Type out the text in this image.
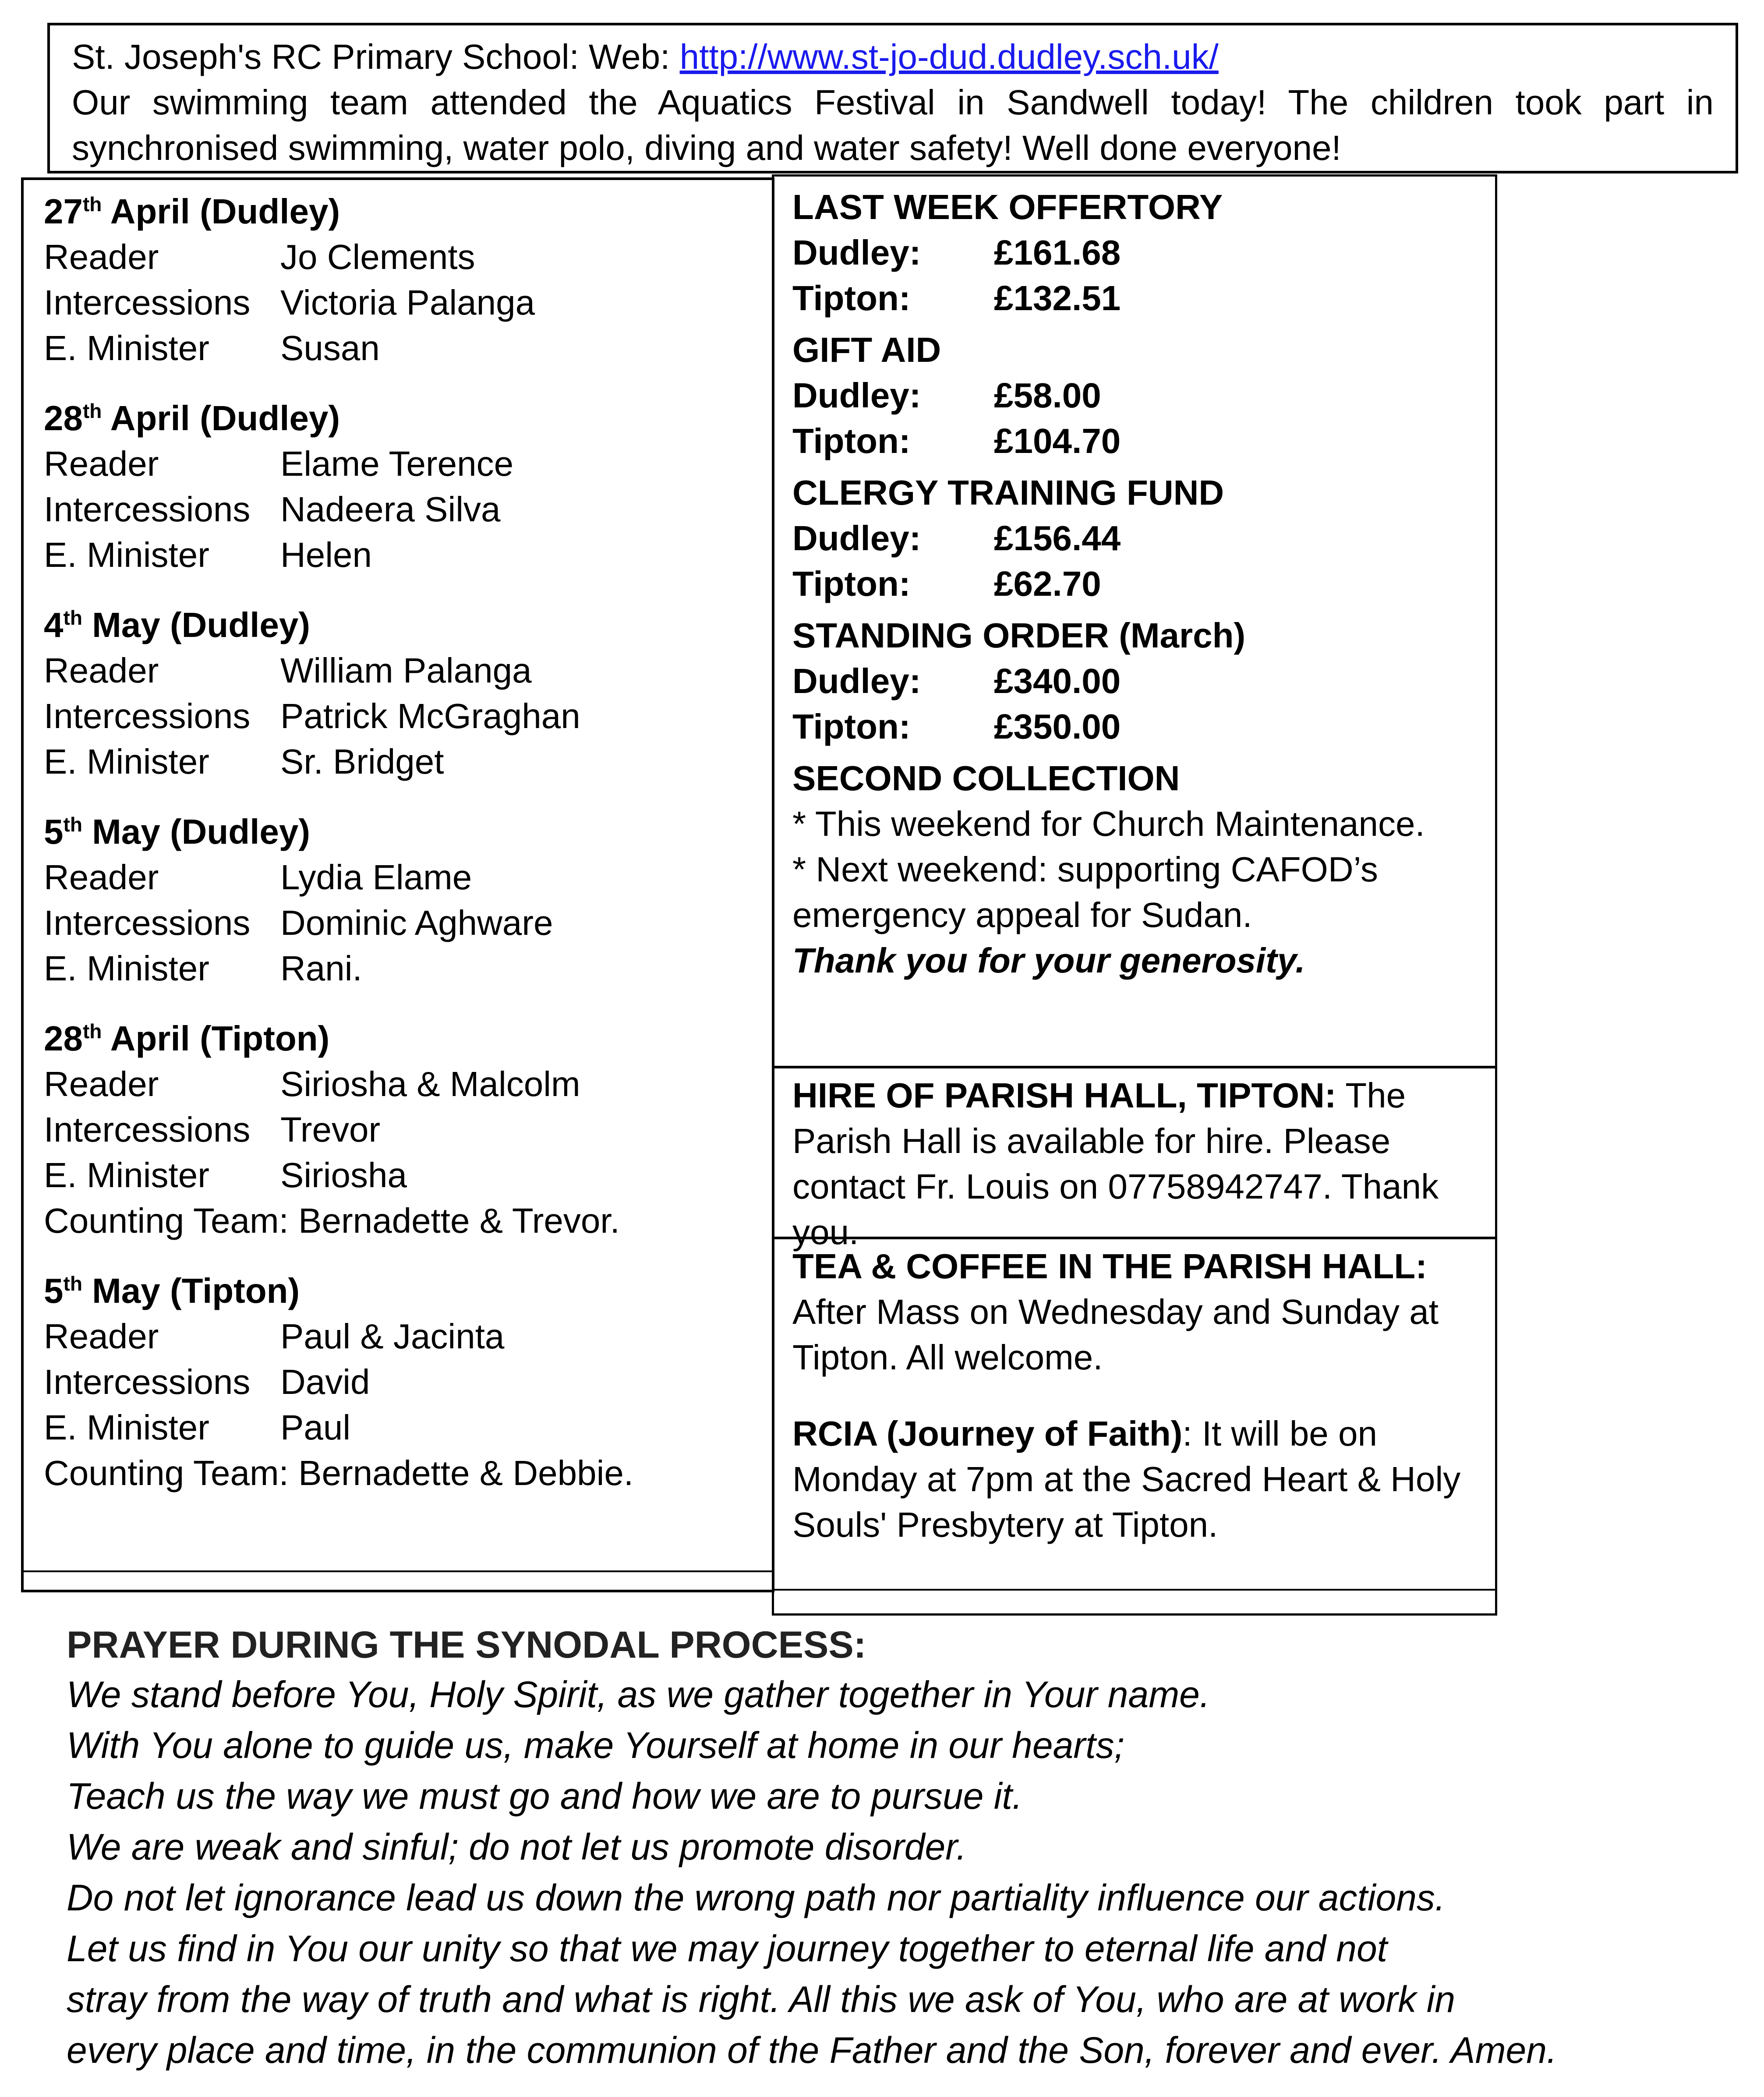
St. Joseph's RC Primary School: Web: http://www.st-jo-dud.dudley.sch.uk/
Our swimming team attended the Aquatics Festival in Sandwell today! The children took part in synchronised swimming, water polo, diving and water safety! Well done everyone!
27th April (Dudley)
Reader	Jo Clements
Intercessions Victoria Palanga
E. Minister Susan
28th April (Dudley)
Reader	Elame Terence
Intercessions Nadeera Silva
E. Minister Helen
4th May (Dudley)
Reader	William Palanga
Intercessions Patrick McGraghan
E. Minister Sr. Bridget
5th May (Dudley)
Reader	Lydia Elame
Intercessions Dominic Aghware
E. Minister Rani.
28th April (Tipton)
Reader	Siriosha & Malcolm
Intercessions Trevor
E. Minister Siriosha
Counting Team: Bernadette & Trevor.
5th May (Tipton)
Reader	Paul & Jacinta
Intercessions David
E. Minister Paul
Counting Team: Bernadette & Debbie.
LAST WEEK OFFERTORY
Dudley: £161.68
Tipton: £132.51
GIFT AID
Dudley: £58.00
Tipton: £104.70
CLERGY TRAINING FUND
Dudley: £156.44
Tipton: £62.70
STANDING ORDER (March)
Dudley: £340.00
Tipton: £350.00
SECOND COLLECTION
* This weekend for Church Maintenance.
* Next weekend: supporting CAFOD’s emergency appeal for Sudan.
Thank you for your generosity.
HIRE OF PARISH HALL, TIPTON: The Parish Hall is available for hire. Please contact Fr. Louis on 07758942747. Thank you.
TEA & COFFEE IN THE PARISH HALL: After Mass on Wednesday and Sunday at Tipton. All welcome.
RCIA (Journey of Faith): It will be on Monday at 7pm at the Sacred Heart & Holy Souls' Presbytery at Tipton.
PRAYER DURING THE SYNODAL PROCESS:
We stand before You, Holy Spirit, as we gather together in Your name.
With You alone to guide us, make Yourself at home in our hearts;
Teach us the way we must go and how we are to pursue it.
We are weak and sinful; do not let us promote disorder.
Do not let ignorance lead us down the wrong path nor partiality influence our actions.
Let us find in You our unity so that we may journey together to eternal life and not
stray from the way of truth and what is right. All this we ask of You, who are at work in
every place and time, in the communion of the Father and the Son, forever and ever. Amen.
